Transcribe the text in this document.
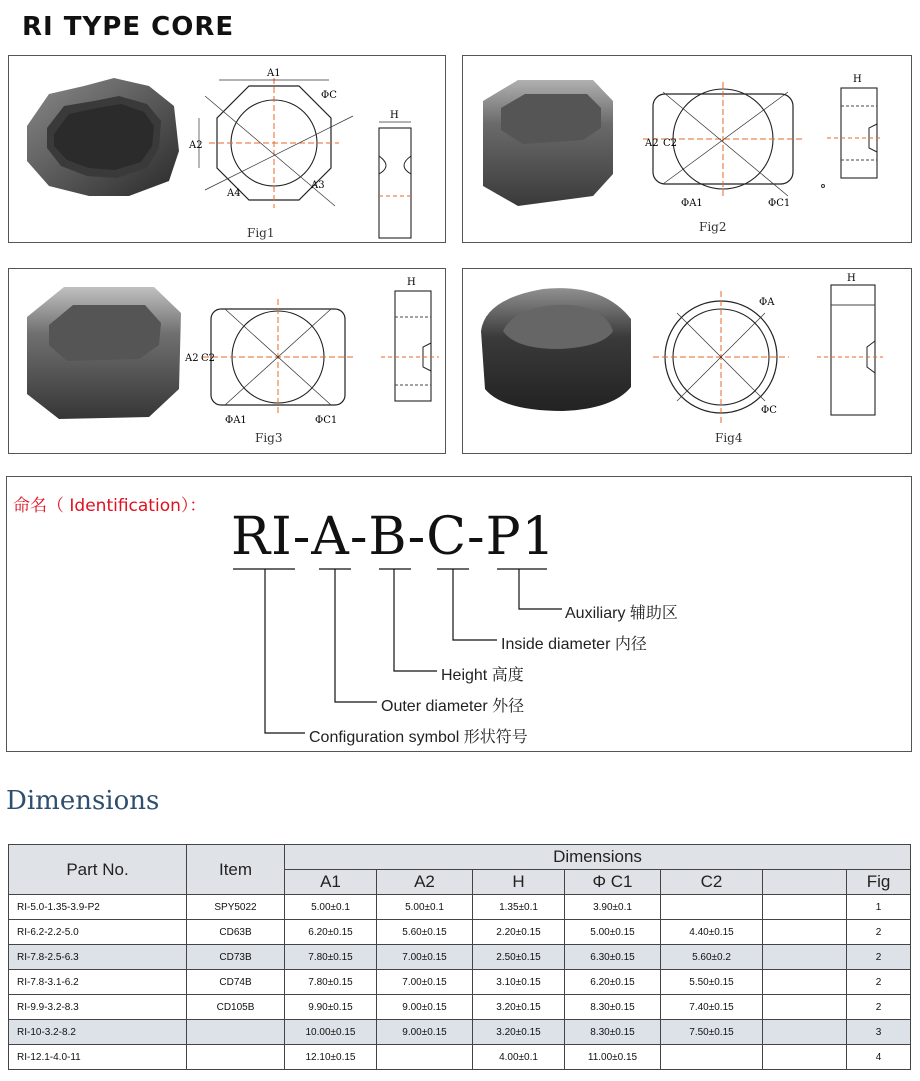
RI TYPE CORE
A1
ΦC
A2
A4
A3
H
Fig1
A2 C2
ΦA1	ΦC1
H
Fig2
A2 C2
ΦA1	ΦC1
H
Fig3
ΦA
ΦC
H
Fig4
命名（ Identification）：
RI-A-B-C-P1
Auxiliary 辅助区
Inside diameter 内径
Height 高度
Outer diameter 外径
Configuration symbol 形状符号
Dimensions
Part No.	Item	Dimensions						
		A1	A2	H	Φ C1	C2		Fig
RI-5.0-1.35-3.9-P2	SPY5022	5.00±0.1	5.00±0.1	1.35±0.1	3.90±0.1			1
RI-6.2-2.2-5.0	CD63B	6.20±0.15	5.60±0.15	2.20±0.15	5.00±0.15	4.40±0.15		2
RI-7.8-2.5-6.3	CD73B	7.80±0.15	7.00±0.15	2.50±0.15	6.30±0.15	5.60±0.2		2
RI-7.8-3.1-6.2	CD74B	7.80±0.15	7.00±0.15	3.10±0.15	6.20±0.15	5.50±0.15		2
RI-9.9-3.2-8.3	CD105B	9.90±0.15	9.00±0.15	3.20±0.15	8.30±0.15	7.40±0.15		2
RI-10-3.2-8.2		10.00±0.15	9.00±0.15	3.20±0.15	8.30±0.15	7.50±0.15		3
RI-12.1-4.0-11		12.10±0.15		4.00±0.1	11.00±0.15			4
